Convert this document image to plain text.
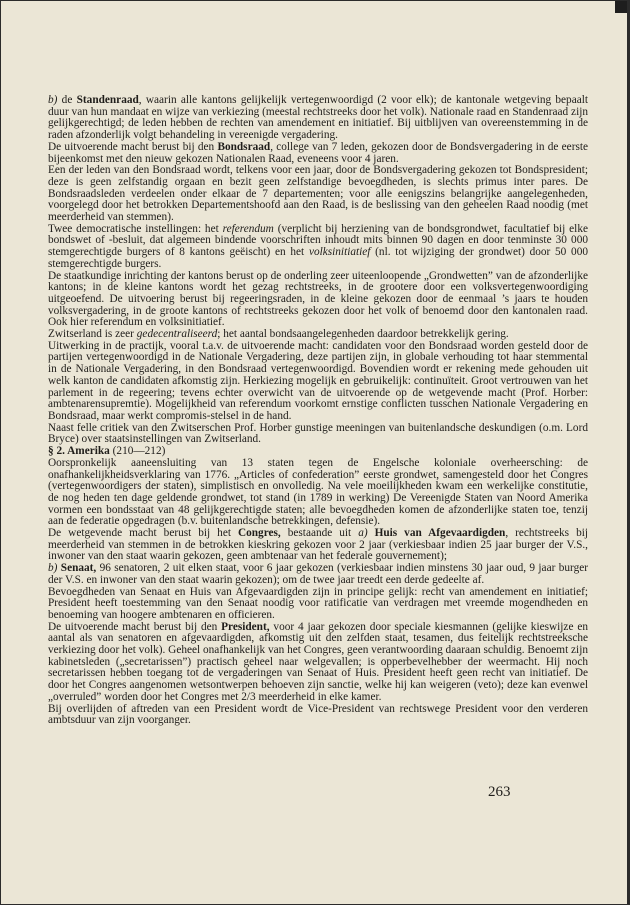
b) de Standenraad, waarin alle kantons gelijkelijk vertegenwoordigd (2 voor elk); de kantonale wetgeving bepaalt duur van hun mandaat en wijze van verkiezing (meestal rechtstreeks door het volk). Nationale raad en Standenraad zijn gelijkgerechtigd; de leden hebben de rechten van amendement en initiatief. Bij uitblijven van overeenstemming in de raden afzonderlijk volgt behandeling in vereenigde vergadering.

De uitvoerende macht berust bij den Bondsraad, college van 7 leden, gekozen door de Bondsvergadering in de eerste bijeenkomst met den nieuw gekozen Nationalen Raad, eveneens voor 4 jaren.

Een der leden van den Bondsraad wordt, telkens voor een jaar, door de Bondsvergadering gekozen tot Bondspresident; deze is geen zelfstandig orgaan en bezit geen zelfstandige bevoegdheden, is slechts primus inter pares. De Bondsraadsleden verdeelen onder elkaar de 7 departementen; voor alle eenigszins belangrijke aangelegenheden, voorgelegd door het betrokken Departementshoofd aan den Raad, is de beslissing van den geheelen Raad noodig (met meerderheid van stemmen).

Twee democratische instellingen: het referendum (verplicht bij herziening van de bondsgrondwet, facultatief bij elke bondswet of -besluit, dat algemeen bindende voorschriften inhoudt mits binnen 90 dagen en door tenminste 30 000 stemgerechtigde burgers of 8 kantons geëischt) en het volksinitiatief (nl. tot wijziging der grondwet) door 50 000 stemgerechtigde burgers.

De staatkundige inrichting der kantons berust op de onderling zeer uiteenloopende „Grondwetten” van de afzonderlijke kantons; in de kleine kantons wordt het gezag rechtstreeks, in de grootere door een volksvertegenwoordiging uitgeoefend. De uitvoering berust bij regeeringsraden, in de kleine gekozen door de eenmaal ’s jaars te houden volksvergadering, in de groote kantons of rechtstreeks gekozen door het volk of benoemd door den kantonalen raad. Ook hier referendum en volksinitiatief.

Zwitserland is zeer gedecentraliseerd; het aantal bondsaangelegenheden daardoor betrekkelijk gering.

Uitwerking in de practijk, vooral t.a.v. de uitvoerende macht: candidaten voor den Bondsraad worden gesteld door de partijen vertegenwoordigd in de Nationale Vergadering, deze partijen zijn, in globale verhouding tot haar stemmental in de Nationale Vergadering, in den Bondsraad vertegenwoordigd. Bovendien wordt er rekening mede gehouden uit welk kanton de candidaten afkomstig zijn. Herkiezing mogelijk en gebruikelijk: continuïteit. Groot vertrouwen van het parlement in de regeering; tevens echter overwicht van de uitvoerende op de wetgevende macht (Prof. Horber: ambtenarensupremtie). Mogelijkheid van referendum voorkomt ernstige conflicten tusschen Nationale Vergadering en Bondsraad, maar werkt compromis-stelsel in de hand.

Naast felle critiek van den Zwitserschen Prof. Horber gunstige meeningen van buitenlandsche deskundigen (o.m. Lord Bryce) over staatsinstellingen van Zwitserland.

§ 2. Amerika (210—212)

Oorspronkelijk aaneensluiting van 13 staten tegen de Engelsche koloniale overheersching: de onafhankelijkheidsverklaring van 1776. „Articles of confederation” eerste grondwet, samengesteld door het Congres (vertegenwoordigers der staten), simplistisch en onvolledig. Na vele moeilijkheden kwam een werkelijke constitutie, de nog heden ten dage geldende grondwet, tot stand (in 1789 in werking) De Vereenigde Staten van Noord Amerika vormen een bondsstaat van 48 gelijkgerechtigde staten; alle bevoegdheden komen de afzonderlijke staten toe, tenzij aan de federatie opgedragen (b.v. buitenlandsche betrekkingen, defensie).

De wetgevende macht berust bij het Congres, bestaande uit a) Huis van Afgevaardigden, rechtstreeks bij meerderheid van stemmen in de betrokken kieskring gekozen voor 2 jaar (verkiesbaar indien 25 jaar burger der V.S., inwoner van den staat waarin gekozen, geen ambtenaar van het federale gouvernement);

b) Senaat, 96 senatoren, 2 uit elken staat, voor 6 jaar gekozen (verkiesbaar indien minstens 30 jaar oud, 9 jaar burger der V.S. en inwoner van den staat waarin gekozen); om de twee jaar treedt een derde gedeelte af.

Bevoegdheden van Senaat en Huis van Afgevaardigden zijn in principe gelijk: recht van amendement en initiatief; President heeft toestemming van den Senaat noodig voor ratificatie van verdragen met vreemde mogendheden en benoeming van hoogere ambtenaren en officieren.

De uitvoerende macht berust bij den President, voor 4 jaar gekozen door speciale kiesmannen (gelijke kieswijze en aantal als van senatoren en afgevaardigden, afkomstig uit den zelfden staat, tesamen, dus feitelijk rechtstreeksche verkiezing door het volk). Geheel onafhankelijk van het Congres, geen verantwoording daaraan schuldig. Benoemt zijn kabinetsleden („secretarissen”) practisch geheel naar welgevallen; is opperbevelhebber der weermacht. Hij noch secretarissen hebben toegang tot de vergaderingen van Senaat of Huis. President heeft geen recht van initiatief. De door het Congres aangenomen wetsontwerpen behoeven zijn sanctie, welke hij kan weigeren (veto); deze kan evenwel „overruled” worden door het Congres met 2/3 meerderheid in elke kamer.

Bij overlijden of aftreden van een President wordt de Vice-President van rechtswege President voor den verderen ambtsduur van zijn voorganger.

263
